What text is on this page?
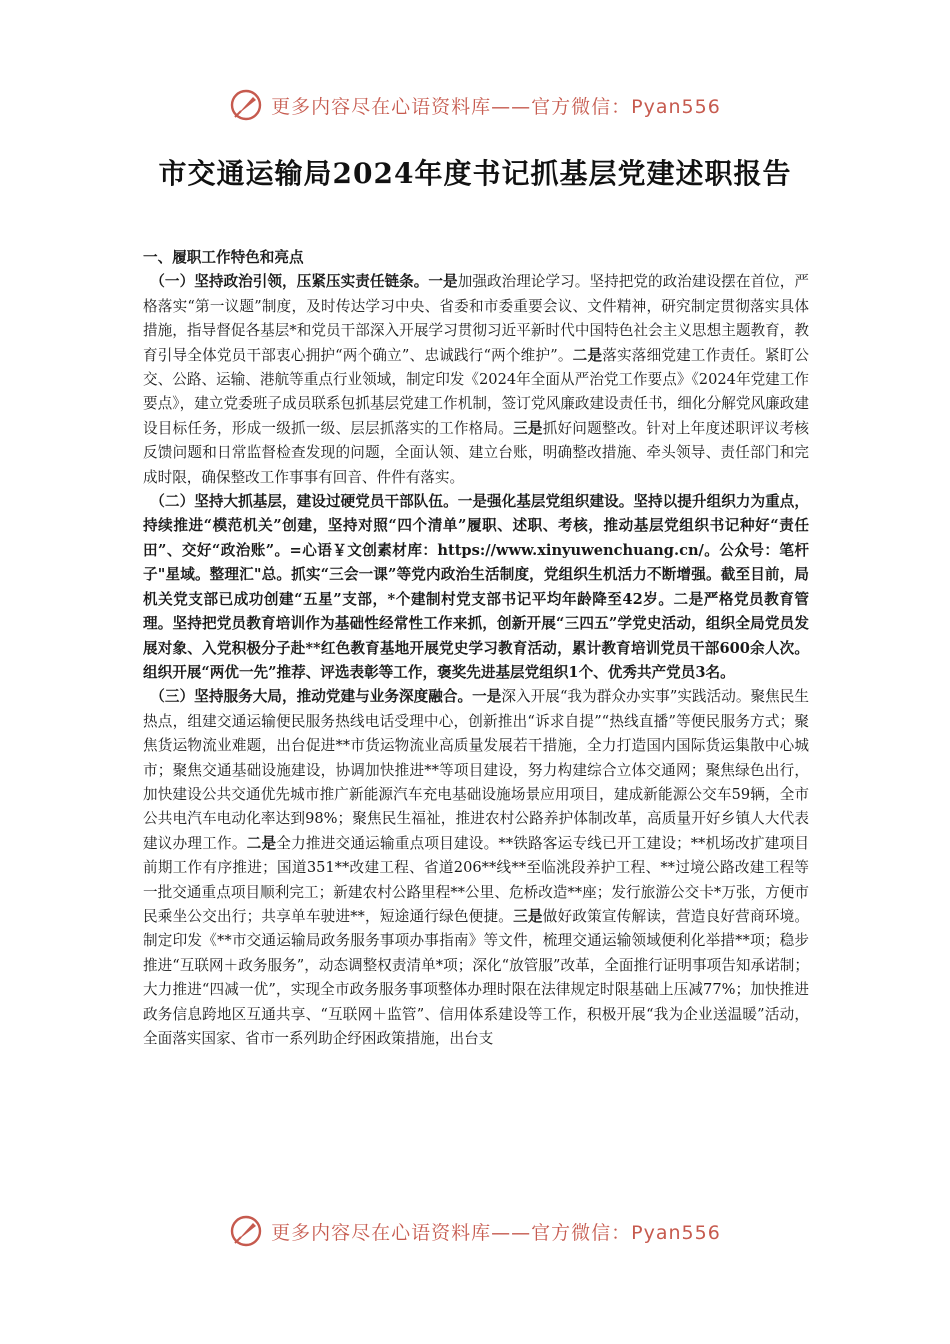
更多内容尽在心语资料库——官方微信：Pyan556
市交通运输局2024年度书记抓基层党建述职报告

一、履职工作特色和亮点

（一）坚持政治引领，压紧压实责任链条。一是加强政治理论学习。坚持把党的政治建设摆在首位，严格落实“第一议题”制度，及时传达学习中央、省委和市委重要会议、文件精神，研究制定贯彻落实具体措施，指导督促各基层*和党员干部深入开展学习贯彻习近平新时代中国特色社会主义思想主题教育，教育引导全体党员干部衷心拥护“两个确立”、忠诚践行“两个维护”。二是落实落细党建工作责任。紧盯公交、公路、运输、港航等重点行业领域，制定印发《2024年全面从严治党工作要点》《2024年党建工作要点》，建立党委班子成员联系包抓基层党建工作机制，签订党风廉政建设责任书，细化分解党风廉政建设目标任务，形成一级抓一级、层层抓落实的工作格局。三是抓好问题整改。针对上年度述职评议考核反馈问题和日常监督检查发现的问题，全面认领、建立台账，明确整改措施、牵头领导、责任部门和完成时限，确保整改工作事事有回音、件件有落实。

（二）坚持大抓基层，建设过硬党员干部队伍。一是强化基层党组织建设。坚持以提升组织力为重点，持续推进“模范机关”创建，坚持对照“四个清单”履职、述职、考核，推动基层党组织书记种好“责任田”、交好“政治账”。=心语￥文创素材库：https://www.xinyuwenchuang.cn/。公众号：笔杆子"星域。整理汇"总。抓实“三会一课”等党内政治生活制度，党组织生机活力不断增强。截至目前，局机关党支部已成功创建“五星”支部，*个建制村党支部书记平均年龄降至42岁。二是严格党员教育管理。坚持把党员教育培训作为基础性经常性工作来抓，创新开展“三四五”学党史活动，组织全局党员发展对象、入党积极分子赴**红色教育基地开展党史学习教育活动，累计教育培训党员干部600余人次。组织开展“两优一先”推荐、评选表彰等工作，褒奖先进基层党组织1个、优秀共产党员3名。

（三）坚持服务大局，推动党建与业务深度融合。一是深入开展“我为群众办实事”实践活动。聚焦民生热点，组建交通运输便民服务热线电话受理中心，创新推出“诉求自提”“热线直播”等便民服务方式；聚焦货运物流业难题，出台促进**市货运物流业高质量发展若干措施，全力打造国内国际货运集散中心城市；聚焦交通基础设施建设，协调加快推进**等项目建设，努力构建综合立体交通网；聚焦绿色出行，加快建设公共交通优先城市推广新能源汽车充电基础设施场景应用项目，建成新能源公交车59辆，全市公共电汽车电动化率达到98%；聚焦民生福祉，推进农村公路养护体制改革，高质量开好乡镇人大代表建议办理工作。二是全力推进交通运输重点项目建设。**铁路客运专线已开工建设；**机场改扩建项目前期工作有序推进；国道351**改建工程、省道206**线**至临洮段养护工程、**过境公路改建工程等一批交通重点项目顺利完工；新建农村公路里程**公里、危桥改造**座；发行旅游公交卡*万张，方便市民乘坐公交出行；共享单车驶进**，短途通行绿色便捷。三是做好政策宣传解读，营造良好营商环境。制定印发《**市交通运输局政务服务事项办事指南》等文件，梳理交通运输领域便利化举措**项；稳步推进“互联网＋政务服务”，动态调整权责清单*项；深化“放管服”改革，全面推行证明事项告知承诺制；大力推进“四减一优”，实现全市政务服务事项整体办理时限在法律规定时限基础上压减77%；加快推进政务信息跨地区互通共享、“互联网＋监管”、信用体系建设等工作，积极开展“我为企业送温暖”活动，全面落实国家、省市一系列助企纾困政策措施，出台支

更多内容尽在心语资料库——官方微信：Pyan556
